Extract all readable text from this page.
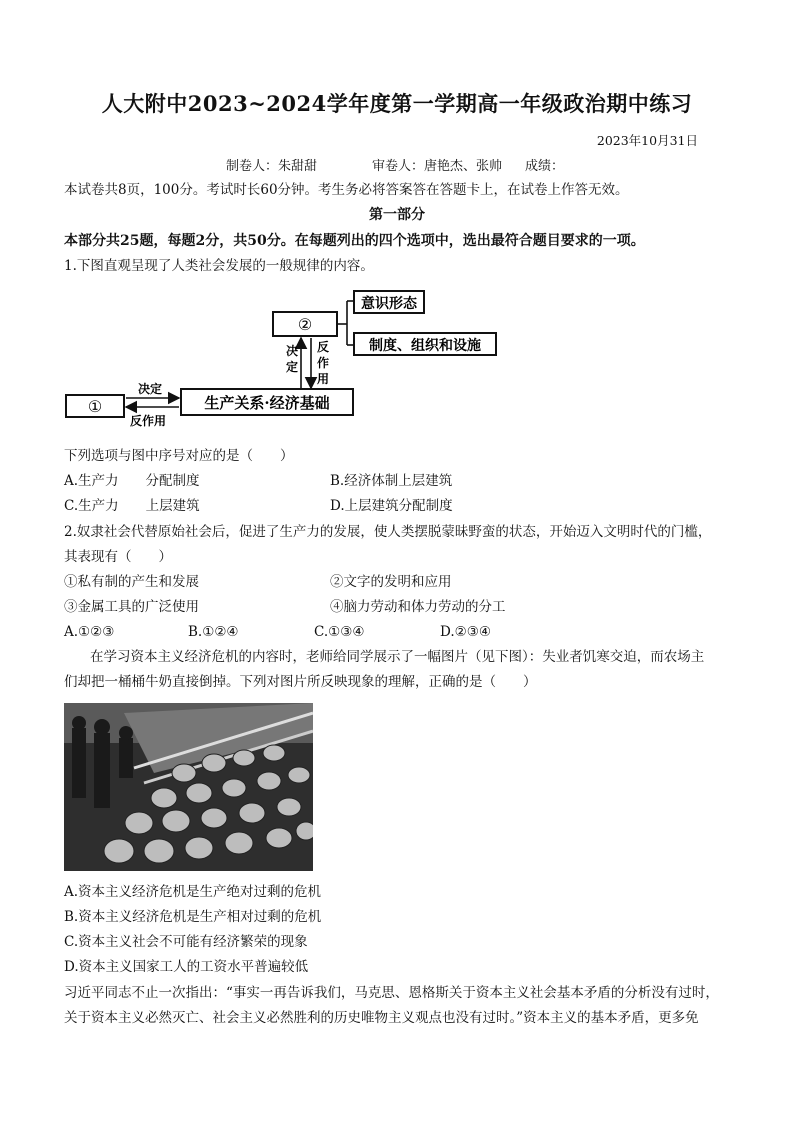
人大附中2023~2024学年度第一学期高一年级政治期中练习
2023年10月31日
制卷人：朱甜甜	审卷人：唐艳杰、张帅 成绩：
本试卷共8页，100分。考试时长60分钟。考生务必将答案答在答题卡上，在试卷上作答无效。
第一部分
本部分共25题，每题2分，共50分。在每题列出的四个选项中，选出最符合题目要求的一项。
1.下图直观呈现了人类社会发展的一般规律的内容。
①	生产关系·经济基础
决定
反作用
②
决
定
反
作
用
意识形态
制度、组织和设施
下列选项与图中序号对应的是（　　）
A.生产力　　分配制度	B.经济体制上层建筑
C.生产力　　上层建筑	D.上层建筑分配制度
2.奴隶社会代替原始社会后，促进了生产力的发展，使人类摆脱蒙昧野蛮的状态，开始迈入文明时代的门槛，
其表现有（　　）
①私有制的产生和发展	②文字的发明和应用
③金属工具的广泛使用	④脑力劳动和体力劳动的分工
A.①②③	B.①②④	C.①③④	D.②③④
在学习资本主义经济危机的内容时，老师给同学展示了一幅图片（见下图）：失业者饥寒交迫，而农场主
们却把一桶桶牛奶直接倒掉。下列对图片所反映现象的理解，正确的是（　　）
A.资本主义经济危机是生产绝对过剩的危机
B.资本主义经济危机是生产相对过剩的危机
C.资本主义社会不可能有经济繁荣的现象
D.资本主义国家工人的工资水平普遍较低
习近平同志不止一次指出：“事实一再告诉我们，马克思、恩格斯关于资本主义社会基本矛盾的分析没有过时，
关于资本主义必然灭亡、社会主义必然胜利的历史唯物主义观点也没有过时。”资本主义的基本矛盾，更多免
